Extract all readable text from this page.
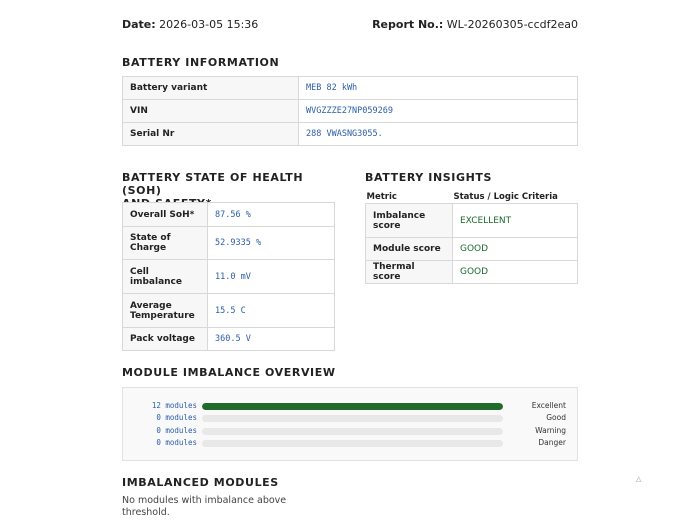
Date: 2026-03-05 15:36	Report No.: WL-20260305-ccdf2ea0
BATTERY INFORMATION
Battery variant	MEB 82 kWh
VIN	WVGZZZE27NP059269
Serial Nr	288 VWASNG3055.
BATTERY STATE OF HEALTH (SOH)
Overall SoH*	87.56 %
State of Charge	52.9335 %
Cell imbalance	11.0 mV
Average Temperature	15.5 C
Pack voltage	360.5 V
BATTERY INSIGHTS
Metric	Status / Logic Criteria
Imbalance score	EXCELLENT
Module score	GOOD
Thermal score	GOOD
MODULE IMBALANCE OVERVIEW
12 modules	Excellent
0 modules	Good
0 modules	Warning
0 modules	Danger
IMBALANCED MODULES
No modules with imbalance above threshold.
△
